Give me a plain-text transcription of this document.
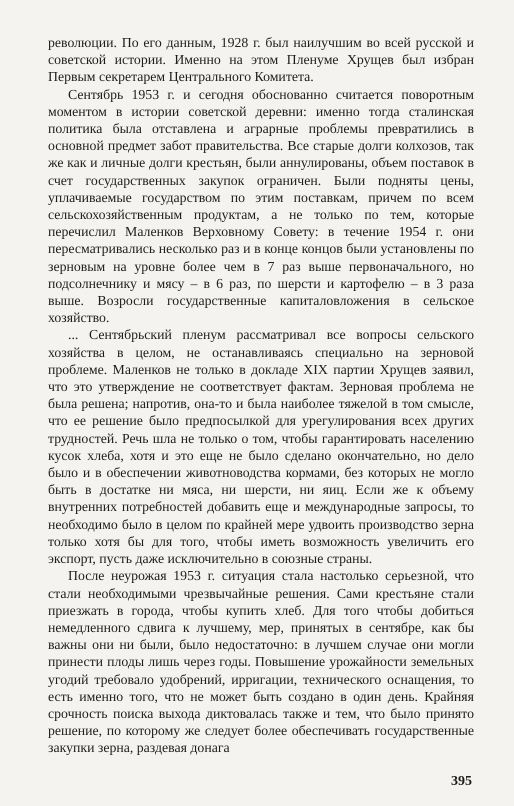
революции. По его данным, 1928 г. был наилучшим во всей русской и советской истории. Именно на этом Пленуме Хрущев был избран Первым секретарем Центрального Комитета.

Сентябрь 1953 г. и сегодня обоснованно считается поворотным моментом в истории советской деревни: именно тогда сталинская политика была отставлена и аграрные проблемы превратились в основной предмет забот правительства. Все старые долги колхозов, так же как и личные долги крестьян, были аннулированы, объем поставок в счет государственных закупок ограничен. Были подняты цены, уплачиваемые государством по этим поставкам, причем по всем сельскохозяйственным продуктам, а не только по тем, которые перечислил Маленков Верховному Совету: в течение 1954 г. они пересматривались несколько раз и в конце концов были установлены по зерновым на уровне более чем в 7 раз выше первоначального, но подсолнечнику и мясу – в 6 раз, по шерсти и картофелю – в 3 раза выше. Возросли государственные капиталовложения в сельское хозяйство.

... Сентябрьский пленум рассматривал все вопросы сельского хозяйства в целом, не останавливаясь специально на зерновой проблеме. Маленков не только в докладе XIX партии Хрущев заявил, что это утверждение не соответствует фактам. Зерновая проблема не была решена; напротив, она-то и была наиболее тяжелой в том смысле, что ее решение было предпосылкой для урегулирования всех других трудностей. Речь шла не только о том, чтобы гарантировать населению кусок хлеба, хотя и это еще не было сделано окончательно, но дело было и в обеспечении животноводства кормами, без которых не могло быть в достатке ни мяса, ни шерсти, ни яиц. Если же к объему внутренних потребностей добавить еще и международные запросы, то необходимо было в целом по крайней мере удвоить производство зерна только хотя бы для того, чтобы иметь возможность увеличить его экспорт, пусть даже исключительно в союзные страны.

После неурожая 1953 г. ситуация стала настолько серьезной, что стали необходимыми чрезвычайные решения. Сами крестьяне стали приезжать в города, чтобы купить хлеб. Для того чтобы добиться немедленного сдвига к лучшему, мер, принятых в сентябре, как бы важны они ни были, было недостаточно: в лучшем случае они могли принести плоды лишь через годы. Повышение урожайности земельных угодий требовало удобрений, ирригации, технического оснащения, то есть именно того, что не может быть создано в один день. Крайняя срочность поиска выхода диктовалась также и тем, что было принято решение, по которому же следует более обеспечивать государственные закупки зерна, раздевая донага

395
